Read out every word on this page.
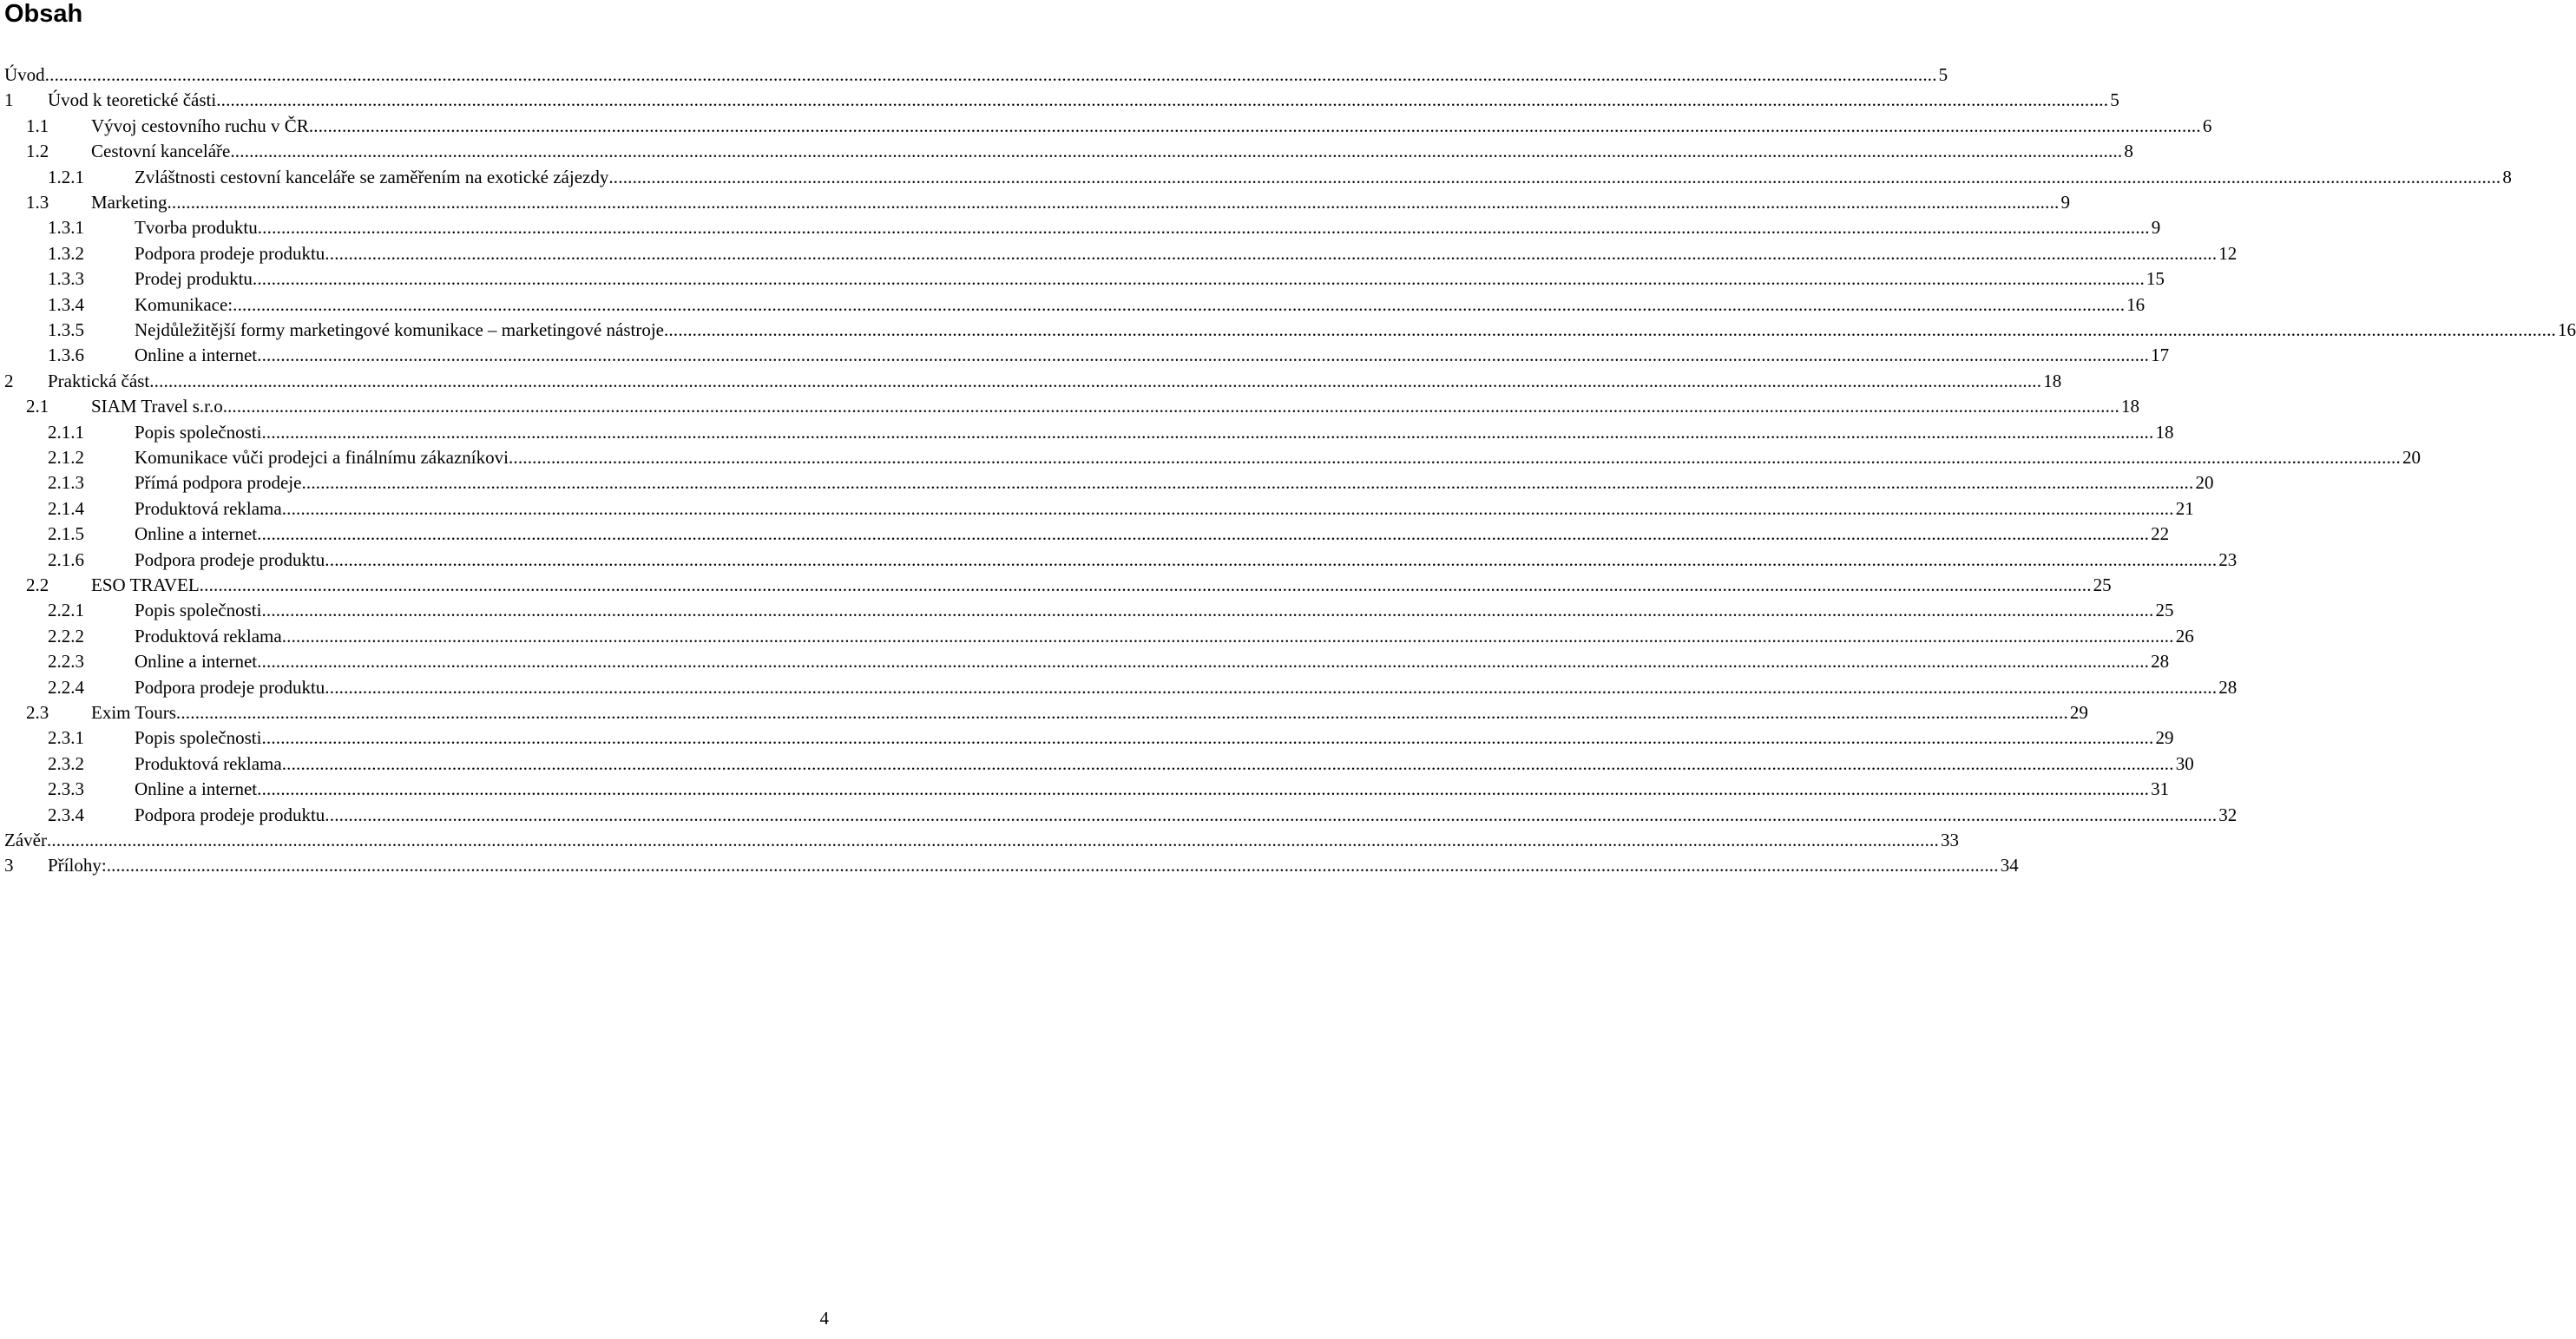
Obsah
Úvod ................................................................................................................................................................................................................................................................................................................................................................................................................ 5
1 Úvod k teoretické části ................................................................................................................................................................................................................................................................................................................................................................................................................ 5
1.1 Vývoj cestovního ruchu v ČR ................................................................................................................................................................................................................................................................................................................................................................................................................ 6
1.2 Cestovní kanceláře ................................................................................................................................................................................................................................................................................................................................................................................................................ 8
1.2.1	Zvláštnosti cestovní kanceláře se zaměřením na exotické zájezdy ................................................................................................................................................................................................................................................................................................................................................................................................................ 8
1.3 Marketing ................................................................................................................................................................................................................................................................................................................................................................................................................ 9
1.3.1	Tvorba produktu ................................................................................................................................................................................................................................................................................................................................................................................................................ 9
1.3.2	Podpora prodeje produktu ................................................................................................................................................................................................................................................................................................................................................................................................................ 12
1.3.3	Prodej produktu ................................................................................................................................................................................................................................................................................................................................................................................................................ 15
1.3.4	Komunikace: ................................................................................................................................................................................................................................................................................................................................................................................................................ 16
1.3.5	Nejdůležitější formy marketingové komunikace – marketingové nástroje ................................................................................................................................................................................................................................................................................................................................................................................................................ 16
1.3.6	Online a internet ................................................................................................................................................................................................................................................................................................................................................................................................................ 17
2 Praktická část ................................................................................................................................................................................................................................................................................................................................................................................................................ 18
2.1 SIAM Travel s.r.o. ................................................................................................................................................................................................................................................................................................................................................................................................................ 18
2.1.1	Popis společnosti ................................................................................................................................................................................................................................................................................................................................................................................................................ 18
2.1.2	Komunikace vůči prodejci a finálnímu zákazníkovi ................................................................................................................................................................................................................................................................................................................................................................................................................ 20
2.1.3	Přímá podpora prodeje ................................................................................................................................................................................................................................................................................................................................................................................................................ 20
2.1.4	Produktová reklama ................................................................................................................................................................................................................................................................................................................................................................................................................ 21
2.1.5	Online a internet ................................................................................................................................................................................................................................................................................................................................................................................................................ 22
2.1.6	Podpora prodeje produktu ................................................................................................................................................................................................................................................................................................................................................................................................................ 23
2.2 ESO TRAVEL ................................................................................................................................................................................................................................................................................................................................................................................................................ 25
2.2.1	Popis společnosti ................................................................................................................................................................................................................................................................................................................................................................................................................ 25
2.2.2	Produktová reklama ................................................................................................................................................................................................................................................................................................................................................................................................................ 26
2.2.3	Online a internet ................................................................................................................................................................................................................................................................................................................................................................................................................ 28
2.2.4	Podpora prodeje produktu ................................................................................................................................................................................................................................................................................................................................................................................................................ 28
2.3 Exim Tours ................................................................................................................................................................................................................................................................................................................................................................................................................ 29
2.3.1	Popis společnosti ................................................................................................................................................................................................................................................................................................................................................................................................................ 29
2.3.2	Produktová reklama ................................................................................................................................................................................................................................................................................................................................................................................................................ 30
2.3.3	Online a internet ................................................................................................................................................................................................................................................................................................................................................................................................................ 31
2.3.4	Podpora prodeje produktu ................................................................................................................................................................................................................................................................................................................................................................................................................ 32
Závěr ................................................................................................................................................................................................................................................................................................................................................................................................................ 33
3 Přílohy: ................................................................................................................................................................................................................................................................................................................................................................................................................ 34
4
